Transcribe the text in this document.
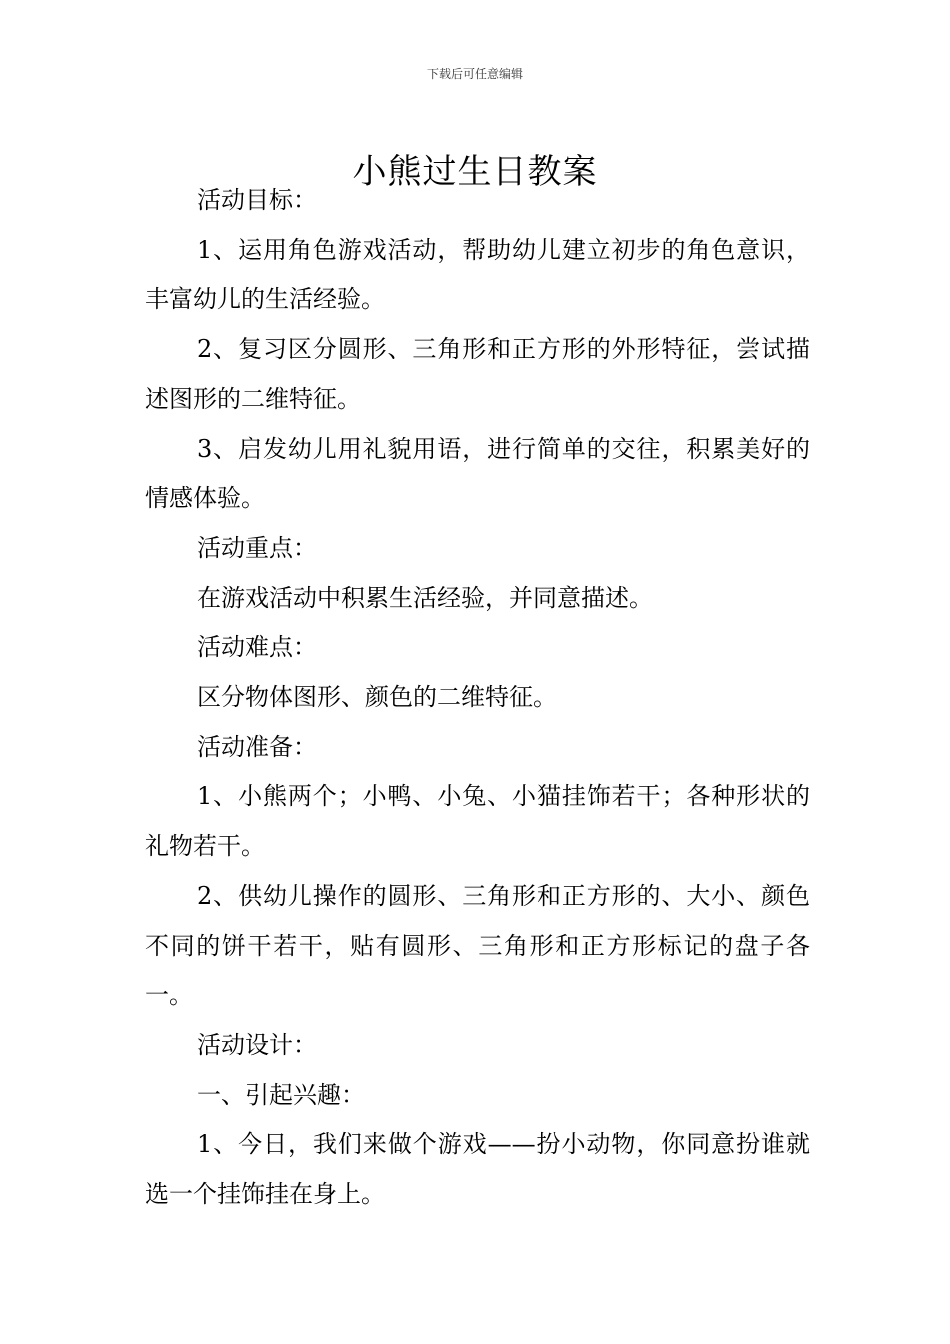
下载后可任意编辑
小熊过生日教案

活动目标：

1、运用角色游戏活动，帮助幼儿建立初步的角色意识，丰富幼儿的生活经验。

2、复习区分圆形、三角形和正方形的外形特征，尝试描述图形的二维特征。

3、启发幼儿用礼貌用语，进行简单的交往，积累美好的情感体验。

活动重点：

在游戏活动中积累生活经验，并同意描述。

活动难点：

区分物体图形、颜色的二维特征。

活动准备：

1、小熊两个；小鸭、小兔、小猫挂饰若干；各种形状的礼物若干。

2、供幼儿操作的圆形、三角形和正方形的、大小、颜色不同的饼干若干，贴有圆形、三角形和正方形标记的盘子各一。

活动设计：

一、引起兴趣：

1、今日，我们来做个游戏——扮小动物，你同意扮谁就选一个挂饰挂在身上。
